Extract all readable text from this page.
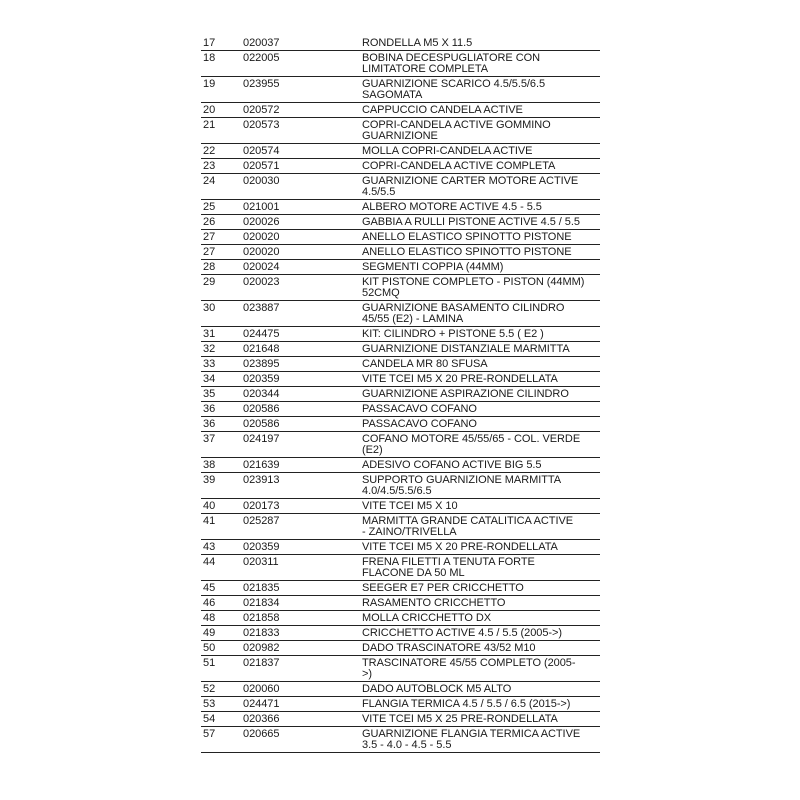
17	020037	RONDELLA M5 X 11.5
18	022005	BOBINA DECESPUGLIATORE CON
LIMITATORE COMPLETA
19	023955	GUARNIZIONE SCARICO 4.5/5.5/6.5
SAGOMATA
20	020572	CAPPUCCIO CANDELA ACTIVE
21	020573	COPRI-CANDELA ACTIVE GOMMINO
GUARNIZIONE
22	020574	MOLLA COPRI-CANDELA ACTIVE
23	020571	COPRI-CANDELA ACTIVE COMPLETA
24	020030	GUARNIZIONE CARTER MOTORE ACTIVE
4.5/5.5
25	021001	ALBERO MOTORE ACTIVE 4.5 - 5.5
26	020026	GABBIA A RULLI PISTONE ACTIVE 4.5 / 5.5
27	020020	ANELLO ELASTICO SPINOTTO PISTONE
27	020020	ANELLO ELASTICO SPINOTTO PISTONE
28	020024	SEGMENTI COPPIA (44MM)
29	020023	KIT PISTONE COMPLETO - PISTON (44MM)
52CMQ
30	023887	GUARNIZIONE BASAMENTO CILINDRO
45/55 (E2) - LAMINA
31	024475	KIT: CILINDRO + PISTONE 5.5 ( E2 )
32	021648	GUARNIZIONE DISTANZIALE MARMITTA
33	023895	CANDELA MR 80 SFUSA
34	020359	VITE TCEI M5 X 20 PRE-RONDELLATA
35	020344	GUARNIZIONE ASPIRAZIONE CILINDRO
36	020586	PASSACAVO COFANO
36	020586	PASSACAVO COFANO
37	024197	COFANO MOTORE 45/55/65 - COL. VERDE
(E2)
38	021639	ADESIVO COFANO ACTIVE BIG 5.5
39	023913	SUPPORTO GUARNIZIONE MARMITTA
4.0/4.5/5.5/6.5
40	020173	VITE TCEI M5 X 10
41	025287	MARMITTA GRANDE CATALITICA ACTIVE
- ZAINO/TRIVELLA
43	020359	VITE TCEI M5 X 20 PRE-RONDELLATA
44	020311	FRENA FILETTI A TENUTA FORTE
FLACONE DA 50 ML
45	021835	SEEGER E7 PER CRICCHETTO
46	021834	RASAMENTO CRICCHETTO
48	021858	MOLLA CRICCHETTO DX
49	021833	CRICCHETTO ACTIVE 4.5 / 5.5 (2005->)
50	020982	DADO TRASCINATORE 43/52 M10
51	021837	TRASCINATORE 45/55 COMPLETO (2005-
>)
52	020060	DADO AUTOBLOCK M5 ALTO
53	024471	FLANGIA TERMICA 4.5 / 5.5 / 6.5 (2015->)
54	020366	VITE TCEI M5 X 25 PRE-RONDELLATA
57	020665	GUARNIZIONE FLANGIA TERMICA ACTIVE
3.5 - 4.0 - 4.5 - 5.5
